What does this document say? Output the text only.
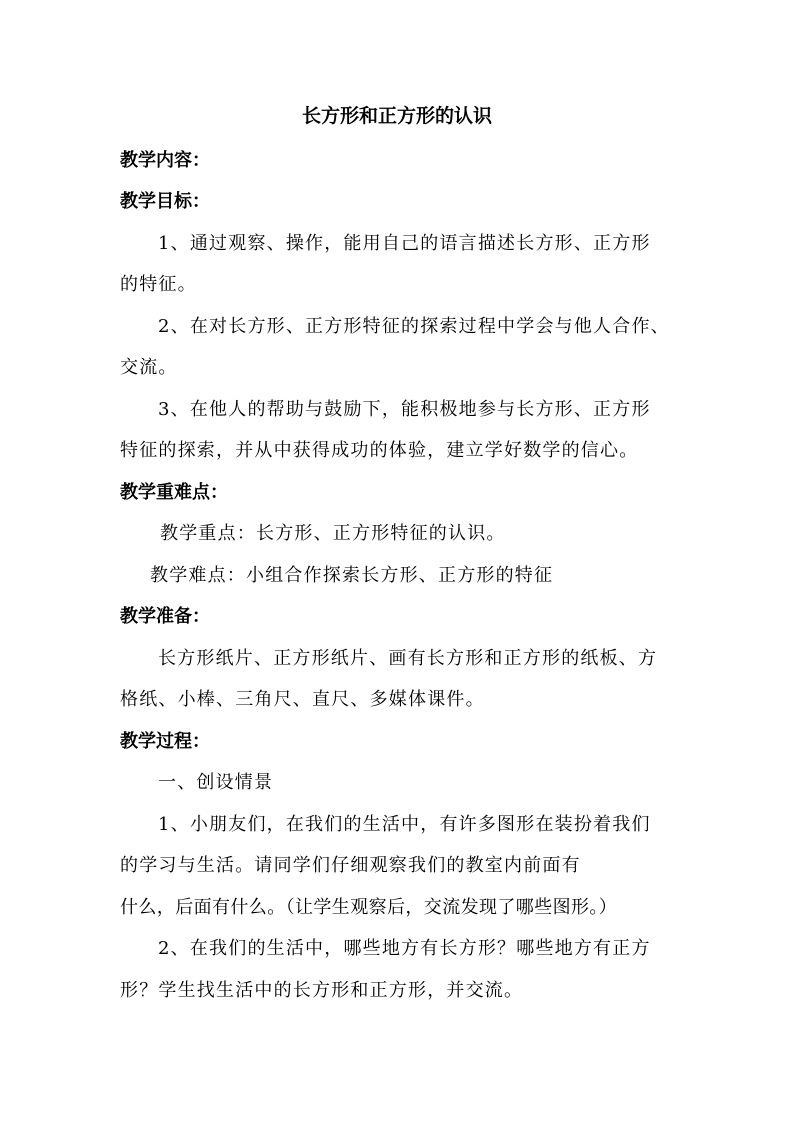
长方形和正方形的认识
教学内容：
教学目标：
1、通过观察、操作，能用自己的语言描述长方形、正方形
的特征。
2、在对长方形、正方形特征的探索过程中学会与他人合作、
交流。
3、在他人的帮助与鼓励下，能积极地参与长方形、正方形
特征的探索，并从中获得成功的体验，建立学好数学的信心。
教学重难点：
教学重点：长方形、正方形特征的认识。
教学难点：小组合作探索长方形、正方形的特征
教学准备：
长方形纸片、正方形纸片、画有长方形和正方形的纸板、方
格纸、小棒、三角尺、直尺、多媒体课件。
教学过程：
一、创设情景
1、小朋友们，在我们的生活中，有许多图形在装扮着我们
的学习与生活。请同学们仔细观察我们的教室内前面有
什么，后面有什么。（让学生观察后，交流发现了哪些图形。）
2、在我们的生活中，哪些地方有长方形？哪些地方有正方
形？学生找生活中的长方形和正方形，并交流。
